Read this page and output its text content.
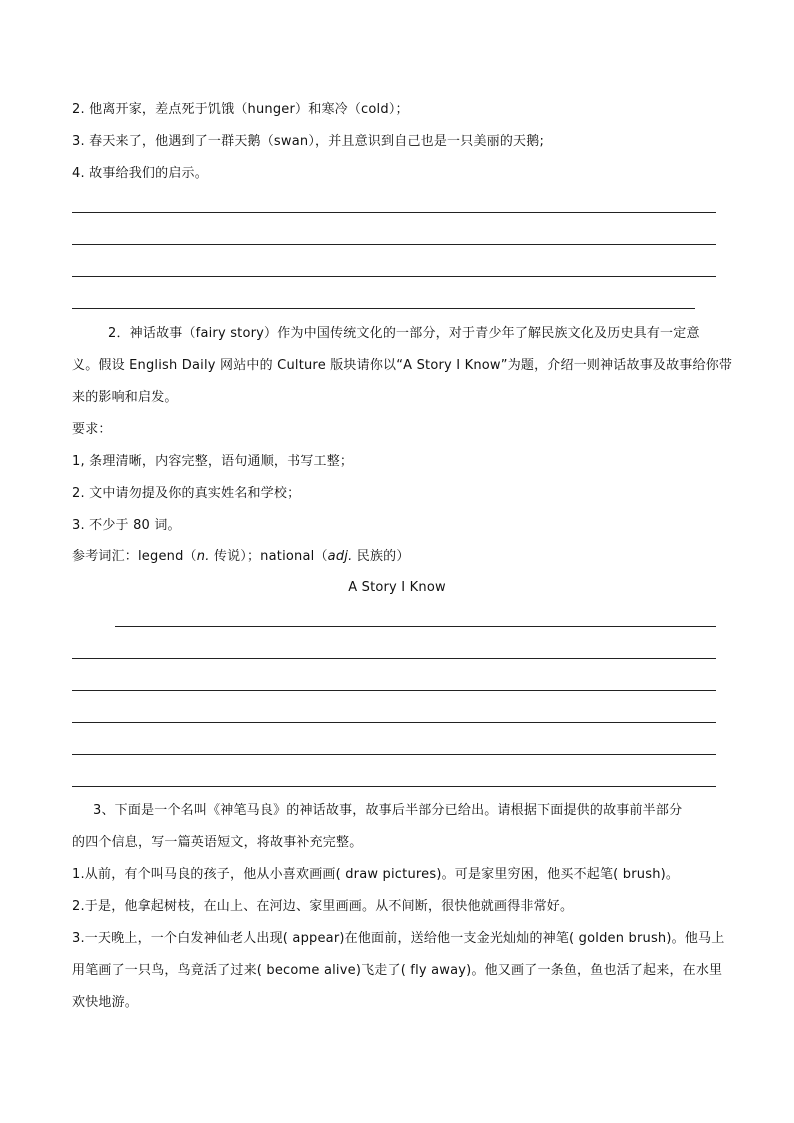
2. 他离开家，差点死于饥饿（hunger）和寒冷（cold）；
3. 春天来了，他遇到了一群天鹅（swan），并且意识到自己也是一只美丽的天鹅;
4. 故事给我们的启示。
2．神话故事（fairy story）作为中国传统文化的一部分，对于青少年了解民族文化及历史具有一定意
义。假设 English Daily 网站中的 Culture 版块请你以“A Story I Know”为题，介绍一则神话故事及故事给你带
来的影响和启发。
要求：
1, 条理清晰，内容完整，语句通顺，书写工整；
2. 文中请勿提及你的真实姓名和学校；
3. 不少于 80 词。
参考词汇：legend（n. 传说）；national（adj. 民族的）
A Story I Know
3、下面是一个名叫《神笔马良》的神话故事，故事后半部分已给出。请根据下面提供的故事前半部分
的四个信息，写一篇英语短文，将故事补充完整。
1.从前，有个叫马良的孩子，他从小喜欢画画( draw pictures)。可是家里穷困，他买不起笔( brush)。
2.于是，他拿起树枝，在山上、在河边、家里画画。从不间断，很快他就画得非常好。
3.一天晚上，一个白发神仙老人出现( appear)在他面前，送给他一支金光灿灿的神笔( golden brush)。他马上
用笔画了一只鸟，鸟竟活了过来( become alive)飞走了( fly away)。他又画了一条鱼，鱼也活了起来，在水里
欢快地游。
